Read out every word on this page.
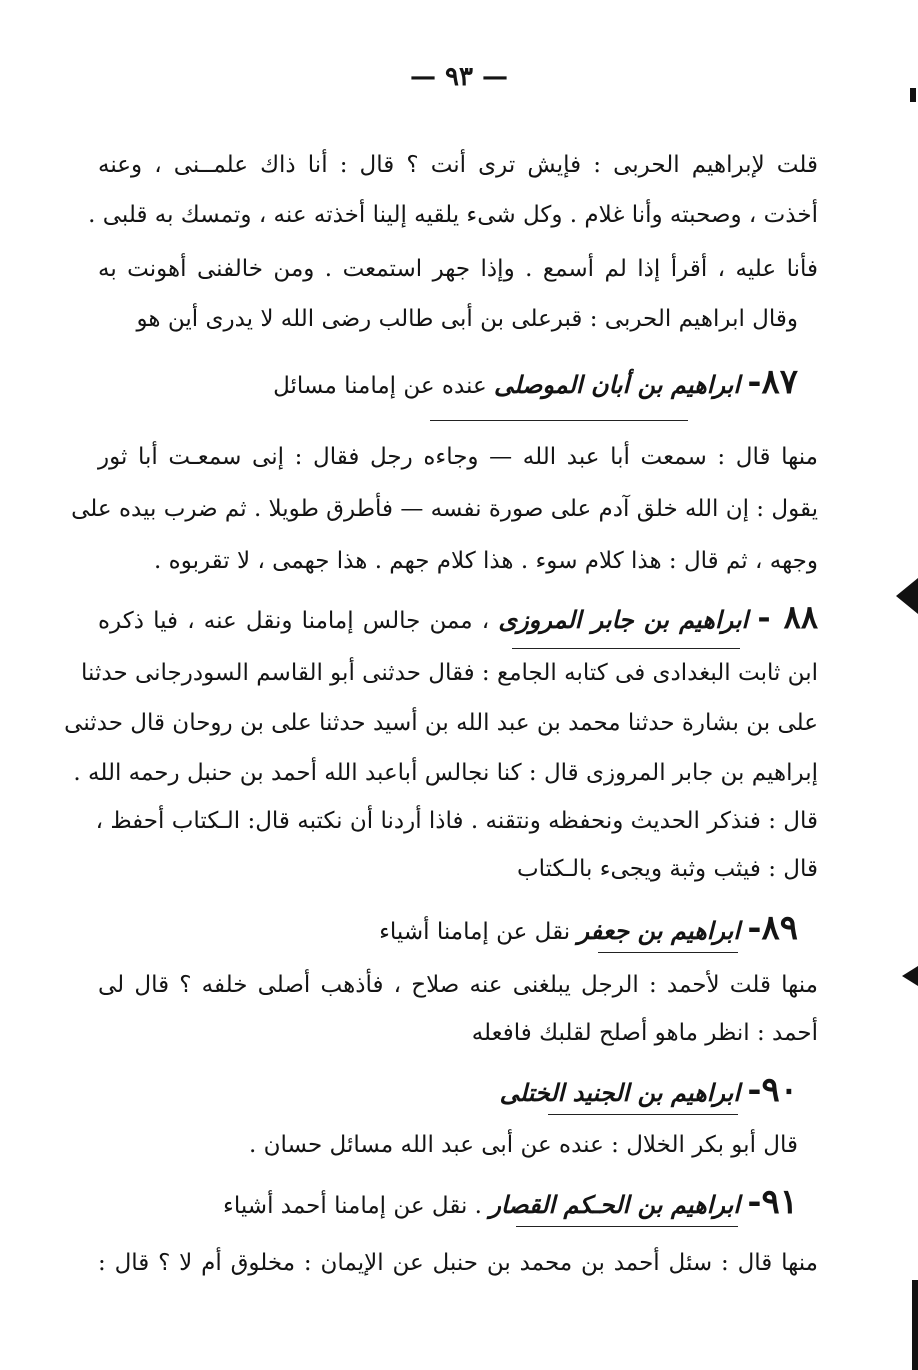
— ٩٣ —
قلت لإبراهيم الحربى : فإيش ترى أنت ؟ قال : أنا ذاك علمــنى ، وعنه
أخذت ، وصحبته وأنا غلام . وكل شىء يلقيه إلينا أخذته عنه ، وتمسك به قلبى .
فأنا عليه ، أقرأ إذا لم أسمع . وإذا جهر استمعت . ومن خالفنى أهونت به
وقال ابراهيم الحربى : قبرعلى بن أبى طالب رضى الله لا يدرى أين هو
٨٧- ابراهيم بن أبان الموصلى عنده عن إمامنا مسائل
منها قال : سمعت أبا عبد الله — وجاءه رجل فقال : إنى سمعـت أبا ثور
يقول : إن الله خلق آدم على صورة نفسه — فأطرق طويلا . ثم ضرب بيده على
وجهه ، ثم قال : هذا كلام سوء . هذا كلام جهم . هذا جهمى ، لا تقربوه .
٨٨ - ابراهيم بن جابر المروزى ، ممن جالس إمامنا ونقل عنه ، فيا ذكره
ابن ثابت البغدادى فى كتابه الجامع : فقال حدثنى أبو القاسم السودرجانى حدثنا
على بن بشارة حدثنا محمد بن عبد الله بن أسيد حدثنا على بن روحان قال حدثنى
إبراهيم بن جابر المروزى قال : كنا نجالس أباعبد الله أحمد بن حنبل رحمه الله .
قال : فنذكر الحديث ونحفظه ونتقنه . فاذا أردنا أن نكتبه قال: الـكتاب أحفظ ،
قال : فيثب وثبة ويجىء بالـكتاب
٨٩- ابراهيم بن جعفر نقل عن إمامنا أشياء
منها قلت لأحمد : الرجل يبلغنى عنه صلاح ، فأذهب أصلى خلفه ؟ قال لى
أحمد : انظر ماهو أصلح لقلبك فافعله
٩٠- ابراهيم بن الجنيد الختلى
قال أبو بكر الخلال : عنده عن أبى عبد الله مسائل حسان .
٩١- ابراهيم بن الحـكم القصار . نقل عن إمامنا أحمد أشياء
منها قال : سئل أحمد بن محمد بن حنبل عن الإيمان : مخلوق أم لا ؟ قال :
